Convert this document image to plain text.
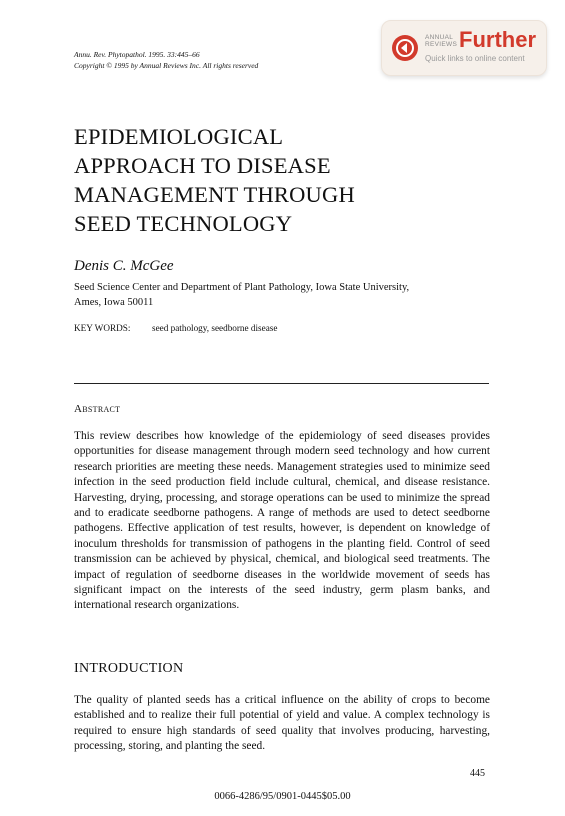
Annu. Rev. Phytopathol. 1995. 33:445–66
Copyright © 1995 by Annual Reviews Inc. All rights reserved
ANNUAL
REVIEWS Further
Quick links to online content
EPIDEMIOLOGICAL
APPROACH TO DISEASE
MANAGEMENT THROUGH
SEED TECHNOLOGY
Denis C. McGee
Seed Science Center and Department of Plant Pathology, Iowa State University,
Ames, Iowa 50011
KEY WORDS: seed pathology, seedborne disease
Abstract
This review describes how knowledge of the epidemiology of seed diseases provides opportunities for disease management through modern seed technology and how current research priorities are meeting these needs. Management strategies used to minimize seed infection in the seed production field include cultural, chemical, and disease resistance. Harvesting, drying, processing, and storage operations can be used to minimize the spread and to eradicate seedborne pathogens. A range of methods are used to detect seedborne pathogens. Effective application of test results, however, is dependent on knowledge of inoculum thresholds for transmission of pathogens in the planting field. Control of seed transmission can be achieved by physical, chemical, and biological seed treatments. The impact of regulation of seedborne diseases in the worldwide movement of seeds has significant impact on the interests of the seed industry, germ plasm banks, and international research organizations.
INTRODUCTION
The quality of planted seeds has a critical influence on the ability of crops to become established and to realize their full potential of yield and value. A complex technology is required to ensure high standards of seed quality that involves producing, harvesting, processing, storing, and planting the seed.
445
0066-4286/95/0901-0445$05.00
